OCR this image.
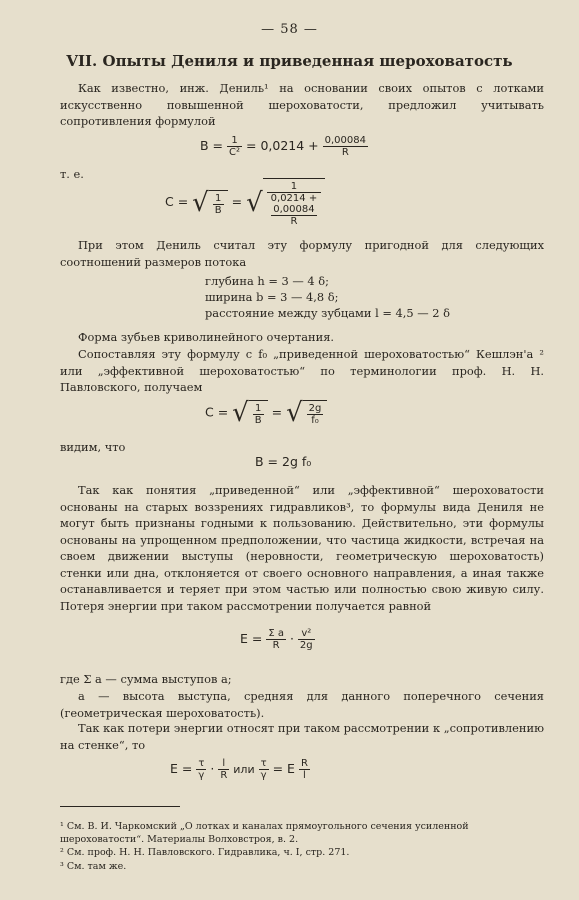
— 58 —
VII. Опыты Дениля и приведенная шероховатость
Как известно, инж. Дениль¹ на основании своих опытов с лотками искусственно повышенной шероховатости, предложил учитывать сопротивления формулой
$B = \frac{1}{\text{C²}} = 0,0214 + \frac{0,00084}{R}$
т. е.
C = √ $\frac{1}{B}$ = √ 1
0,0214 +
0,00084
R
При этом Дениль считал эту формулу пригодной для следующих соотношений размеров потока
глубина h = 3 — 4 δ;
ширина b = 3 — 4,8 δ;
расстояние между зубцами l = 4,5 — 2 δ
Форма зубьев криволинейного очертания.
Сопоставляя эту формулу с f₀ „приведенной шероховатостью“ Кешлэн'а ² или „эффективной шероховатостью“ по терминологии проф. Н. Н. Павловского, получаем
C = √ $\frac{1}{B}$ = √ $\frac{2g}{\text{f₀}}$
видим, что
B = 2g f₀
Так как понятия „приведенной“ или „эффективной“ шероховатости основаны на старых воззрениях гидравликов³, то формулы вида Дениля не могут быть признаны годными к пользованию. Действительно, эти формулы основаны на упрощенном предположении, что частица жидкости, встречая на своем движении выступы (неровности, геометрическую шероховатость) стенки или дна, отклоняется от своего основного направления, а иная также останавливается и теряет при этом частью или полностью свою живую силу. Потеря энергии при таком рассмотрении получается равной
$E = \frac{\text{Σ a}}{R} \cdot \frac{\text{v²}}{2g}$
где Σ a — сумма выступов a;
a — высота выступа, средняя для данного поперечного сечения (геометрическая шероховатость).
Так как потери энергии относят при таком рассмотрении к „сопротивлению на стенке“, то
$E = \frac{\tau}{\gamma} \cdot \frac{l}{R}$ или $\frac{\tau}{\gamma} = E \frac{R}{l}$
¹ См. В. И. Чаркомский „О лотках и каналах прямоугольного сечения усиленной шероховатости“. Материалы Волховстроя, в. 2.
² См. проф. Н. Н. Павловского. Гидравлика, ч. I, стр. 271.
³ См. там же.
